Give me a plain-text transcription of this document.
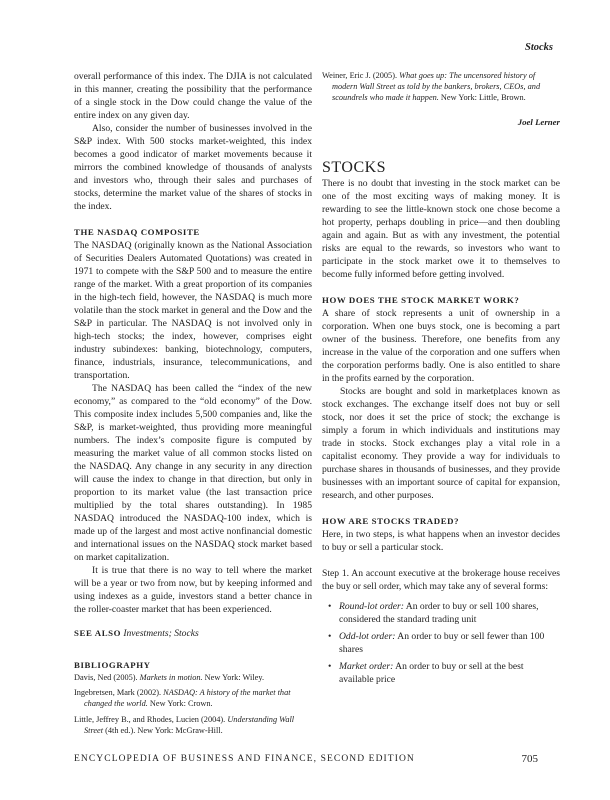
Stocks

overall performance of this index. The DJIA is not calculated in this manner, creating the possibility that the performance of a single stock in the Dow could change the value of the entire index on any given day.

Also, consider the number of businesses involved in the S&P index. With 500 stocks market-weighted, this index becomes a good indicator of market movements because it mirrors the combined knowledge of thousands of analysts and investors who, through their sales and purchases of stocks, determine the market value of the shares of stocks in the index.

THE NASDAQ COMPOSITE

The NASDAQ (originally known as the National Association of Securities Dealers Automated Quotations) was created in 1971 to compete with the S&P 500 and to measure the entire range of the market. With a great proportion of its companies in the high-tech field, however, the NASDAQ is much more volatile than the stock market in general and the Dow and the S&P in particular. The NASDAQ is not involved only in high-tech stocks; the index, however, comprises eight industry subindexes: banking, biotechnology, computers, finance, industrials, insurance, telecommunications, and transportation.

The NASDAQ has been called the “index of the new economy,” as compared to the “old economy” of the Dow. This composite index includes 5,500 companies and, like the S&P, is market-weighted, thus providing more meaningful numbers. The index’s composite figure is computed by measuring the market value of all common stocks listed on the NASDAQ. Any change in any security in any direction will cause the index to change in that direction, but only in proportion to its market value (the last transaction price multiplied by the total shares outstanding). In 1985 NASDAQ introduced the NASDAQ-100 index, which is made up of the largest and most active nonfinancial domestic and international issues on the NASDAQ stock market based on market capitalization.

It is true that there is no way to tell where the market will be a year or two from now, but by keeping informed and using indexes as a guide, investors stand a better chance in the roller-coaster market that has been experienced.

SEE ALSO Investments; Stocks
BIBLIOGRAPHY

Davis, Ned (2005). Markets in motion. New York: Wiley.

Ingebretsen, Mark (2002). NASDAQ: A history of the market that changed the world. New York: Crown.

Little, Jeffrey B., and Rhodes, Lucien (2004). Understanding Wall Street (4th ed.). New York: McGraw-Hill.

Weiner, Eric J. (2005). What goes up: The uncensored history of modern Wall Street as told by the bankers, brokers, CEOs, and scoundrels who made it happen. New York: Little, Brown.

Joel Lerner
STOCKS

There is no doubt that investing in the stock market can be one of the most exciting ways of making money. It is rewarding to see the little-known stock one chose become a hot property, perhaps doubling in price—and then doubling again and again. But as with any investment, the potential risks are equal to the rewards, so investors who want to participate in the stock market owe it to themselves to become fully informed before getting involved.

HOW DOES THE STOCK MARKET WORK?

A share of stock represents a unit of ownership in a corporation. When one buys stock, one is becoming a part owner of the business. Therefore, one benefits from any increase in the value of the corporation and one suffers when the corporation performs badly. One is also entitled to share in the profits earned by the corporation.

Stocks are bought and sold in marketplaces known as stock exchanges. The exchange itself does not buy or sell stock, nor does it set the price of stock; the exchange is simply a forum in which individuals and institutions may trade in stocks. Stock exchanges play a vital role in a capitalist economy. They provide a way for individuals to purchase shares in thousands of businesses, and they provide businesses with an important source of capital for expansion, research, and other purposes.

HOW ARE STOCKS TRADED?

Here, in two steps, is what happens when an investor decides to buy or sell a particular stock.

Step 1. An account executive at the brokerage house receives the buy or sell order, which may take any of several forms:

• Round-lot order: An order to buy or sell 100 shares, considered the standard trading unit
• Odd-lot order: An order to buy or sell fewer than 100 shares
• Market order: An order to buy or sell at the best available price
ENCYCLOPEDIA OF BUSINESS AND FINANCE, SECOND EDITION	705
